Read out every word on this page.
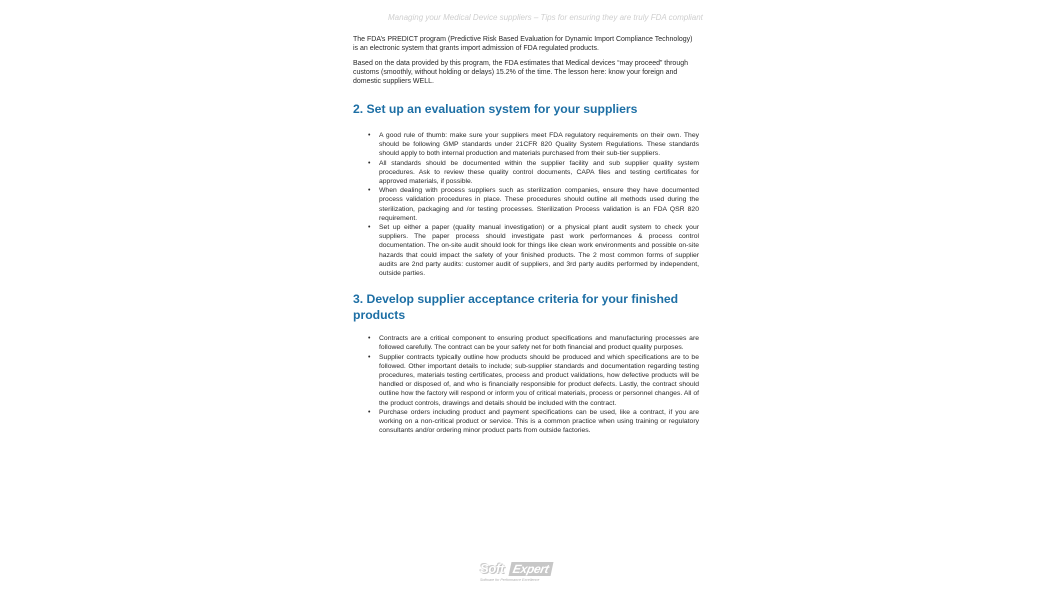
Managing your Medical Device suppliers – Tips for ensuring they are truly FDA compliant

The FDA’s PREDICT program (Predictive Risk Based Evaluation for Dynamic Import Compliance Technology) is an electronic system that grants import admission of FDA regulated products.

Based on the data provided by this program, the FDA estimates that Medical devices “may proceed” through customs (smoothly, without holding or delays) 15.2% of the time. The lesson here: know your foreign and domestic suppliers WELL.

2. Set up an evaluation system for your suppliers
• A good rule of thumb: make sure your suppliers meet FDA regulatory requirements on their own. They should be following GMP standards under 21CFR 820 Quality System Regulations. These standards should apply to both internal production and materials purchased from their sub-tier suppliers.
• All standards should be documented within the supplier facility and sub supplier quality system procedures. Ask to review these quality control documents, CAPA files and testing certificates for approved materials, if possible.
• When dealing with process suppliers such as sterilization companies, ensure they have documented process validation procedures in place. These procedures should outline all methods used during the sterilization, packaging and /or testing processes. Sterilization Process validation is an FDA QSR 820 requirement.
• Set up either a paper (quality manual investigation) or a physical plant audit system to check your suppliers. The paper process should investigate past work performances & process control documentation. The on-site audit should look for things like clean work environments and possible on-site hazards that could impact the safety of your finished products. The 2 most common forms of supplier audits are 2nd party audits: customer audit of suppliers, and 3rd party audits performed by independent, outside parties.
3. Develop supplier acceptance criteria for your finished products
• Contracts are a critical component to ensuring product specifications and manufacturing processes are followed carefully. The contract can be your safety net for both financial and product quality purposes.
• Supplier contracts typically outline how products should be produced and which specifications are to be followed. Other important details to include; sub-supplier standards and documentation regarding testing procedures, materials testing certificates, process and product validations, how defective products will be handled or disposed of, and who is financially responsible for product defects. Lastly, the contract should outline how the factory will respond or inform you of critical materials, process or personnel changes. All of the product controls, drawings and details should be included with the contract.
• Purchase orders including product and payment specifications can be used, like a contract, if you are working on a non-critical product or service. This is a common practice when using training or regulatory consultants and/or ordering minor product parts from outside factories.
Soft Expert
Software for Performance Excellence
